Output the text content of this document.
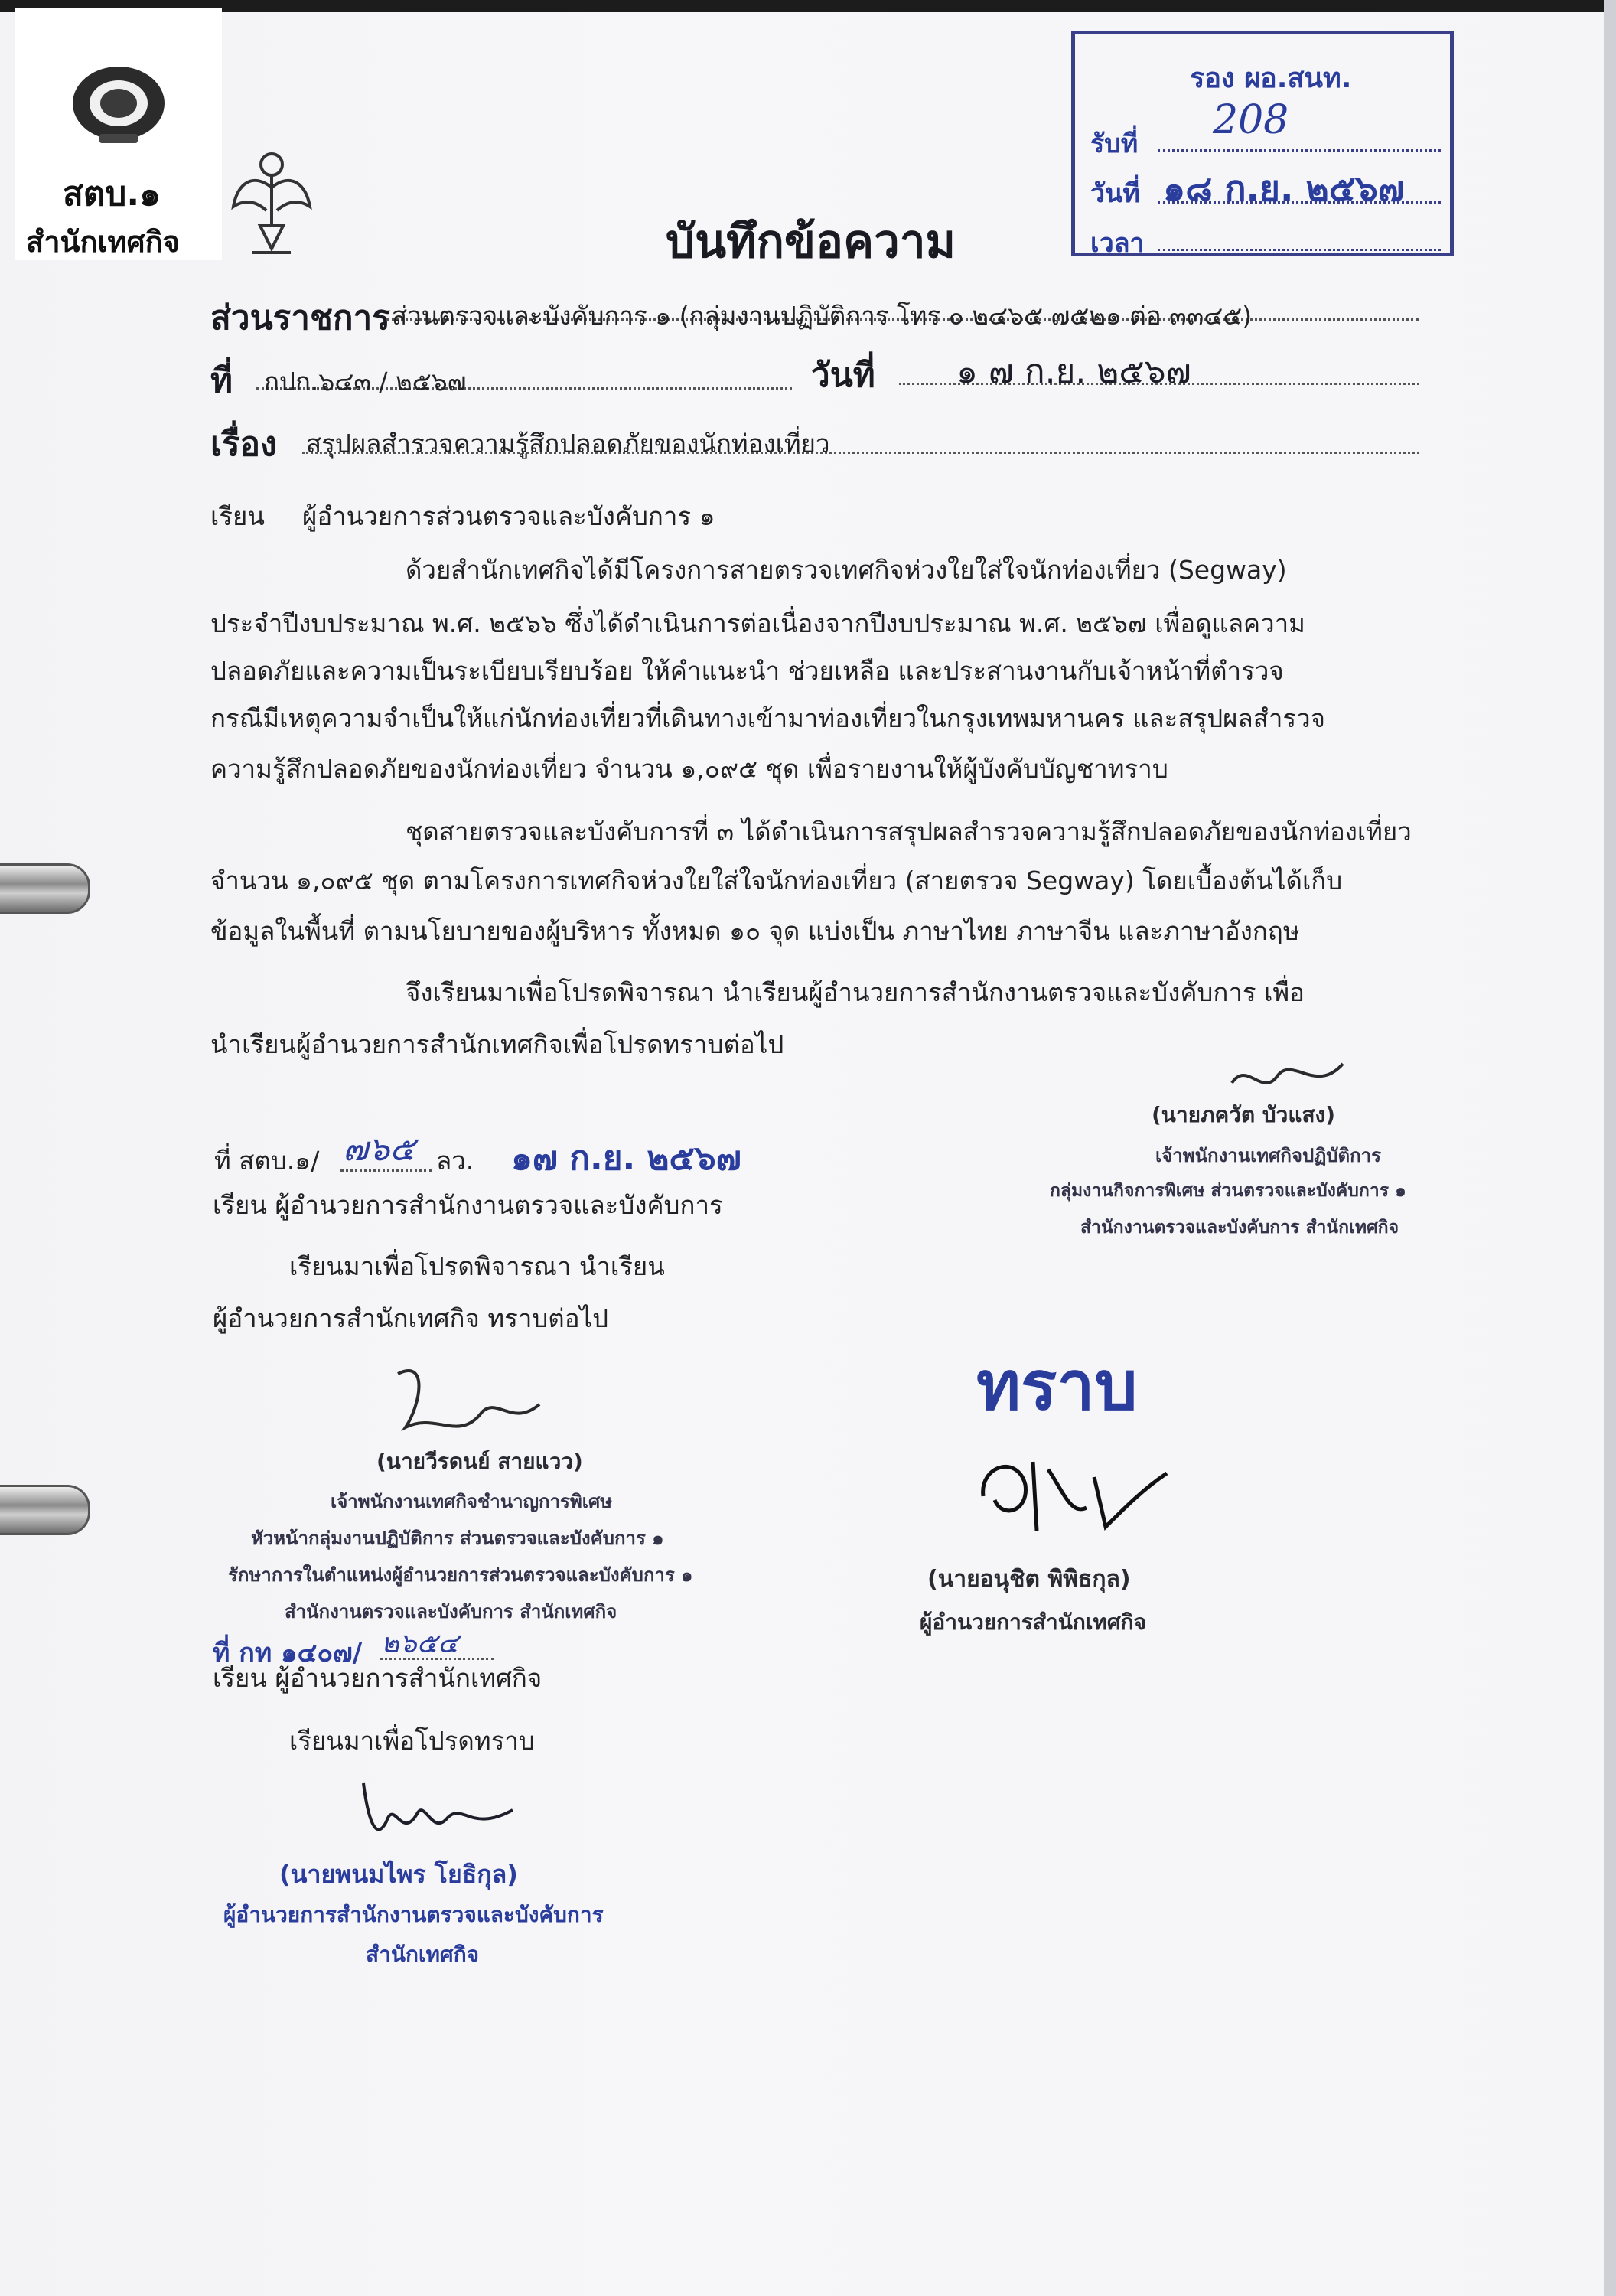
สตบ.๑
สำนักเทศกิจ
รอง ผอ.สนท.
รับที่
208
วันที่ ๑๘ ก.ย. ๒๕๖๗
เวลา
บันทึกข้อความ
ส่วนราชการ ส่วนตรวจและบังคับการ ๑ (กลุ่มงานปฏิบัติการ โทร ๐ ๒๔๖๕ ๗๕๒๑ ต่อ ๓๓๔๕)
ที่ กปก.๖๔๓ / ๒๕๖๗	วันที่ ๑ ๗ ก.ย. ๒๕๖๗
เรื่อง สรุปผลสำรวจความรู้สึกปลอดภัยของนักท่องเที่ยว
เรียน ผู้อำนวยการส่วนตรวจและบังคับการ ๑
ด้วยสำนักเทศกิจได้มีโครงการสายตรวจเทศกิจห่วงใยใส่ใจนักท่องเที่ยว (Segway)
ประจำปีงบประมาณ พ.ศ. ๒๕๖๖ ซึ่งได้ดำเนินการต่อเนื่องจากปีงบประมาณ พ.ศ. ๒๕๖๗ เพื่อดูแลความ
ปลอดภัยและความเป็นระเบียบเรียบร้อย ให้คำแนะนำ ช่วยเหลือ และประสานงานกับเจ้าหน้าที่ตำรวจ
กรณีมีเหตุความจำเป็นให้แก่นักท่องเที่ยวที่เดินทางเข้ามาท่องเที่ยวในกรุงเทพมหานคร และสรุปผลสำรวจ
ความรู้สึกปลอดภัยของนักท่องเที่ยว จำนวน ๑,๐๙๕ ชุด เพื่อรายงานให้ผู้บังคับบัญชาทราบ
ชุดสายตรวจและบังคับการที่ ๓ ได้ดำเนินการสรุปผลสำรวจความรู้สึกปลอดภัยของนักท่องเที่ยว
จำนวน ๑,๐๙๕ ชุด ตามโครงการเทศกิจห่วงใยใส่ใจนักท่องเที่ยว (สายตรวจ Segway) โดยเบื้องต้นได้เก็บ
ข้อมูลในพื้นที่ ตามนโยบายของผู้บริหาร ทั้งหมด ๑๐ จุด แบ่งเป็น ภาษาไทย ภาษาจีน และภาษาอังกฤษ
จึงเรียนมาเพื่อโปรดพิจารณา นำเรียนผู้อำนวยการสำนักงานตรวจและบังคับการ เพื่อ
นำเรียนผู้อำนวยการสำนักเทศกิจเพื่อโปรดทราบต่อไป
(นายภควัต บัวแสง)
เจ้าพนักงานเทศกิจปฏิบัติการ
กลุ่มงานกิจการพิเศษ ส่วนตรวจและบังคับการ ๑
สำนักงานตรวจและบังคับการ สำนักเทศกิจ
ที่ สตบ.๑/ ๗๖๕ ลว. ๑๗ ก.ย. ๒๕๖๗
เรียน ผู้อำนวยการสำนักงานตรวจและบังคับการ
เรียนมาเพื่อโปรดพิจารณา นำเรียน
ผู้อำนวยการสำนักเทศกิจ ทราบต่อไป
(นายวีรดนย์ สายแวว)
เจ้าพนักงานเทศกิจชำนาญการพิเศษ
หัวหน้ากลุ่มงานปฏิบัติการ ส่วนตรวจและบังคับการ ๑
รักษาการในตำแหน่งผู้อำนวยการส่วนตรวจและบังคับการ ๑
สำนักงานตรวจและบังคับการ สำนักเทศกิจ
ที่ กท ๑๔๐๗/ ๒๖๕๔
เรียน ผู้อำนวยการสำนักเทศกิจ
เรียนมาเพื่อโปรดทราบ
(นายพนมไพร โยธิกุล)
ผู้อำนวยการสำนักงานตรวจและบังคับการ
สำนักเทศกิจ
ทราบ
(นายอนุชิต พิพิธกุล)
ผู้อำนวยการสำนักเทศกิจ
